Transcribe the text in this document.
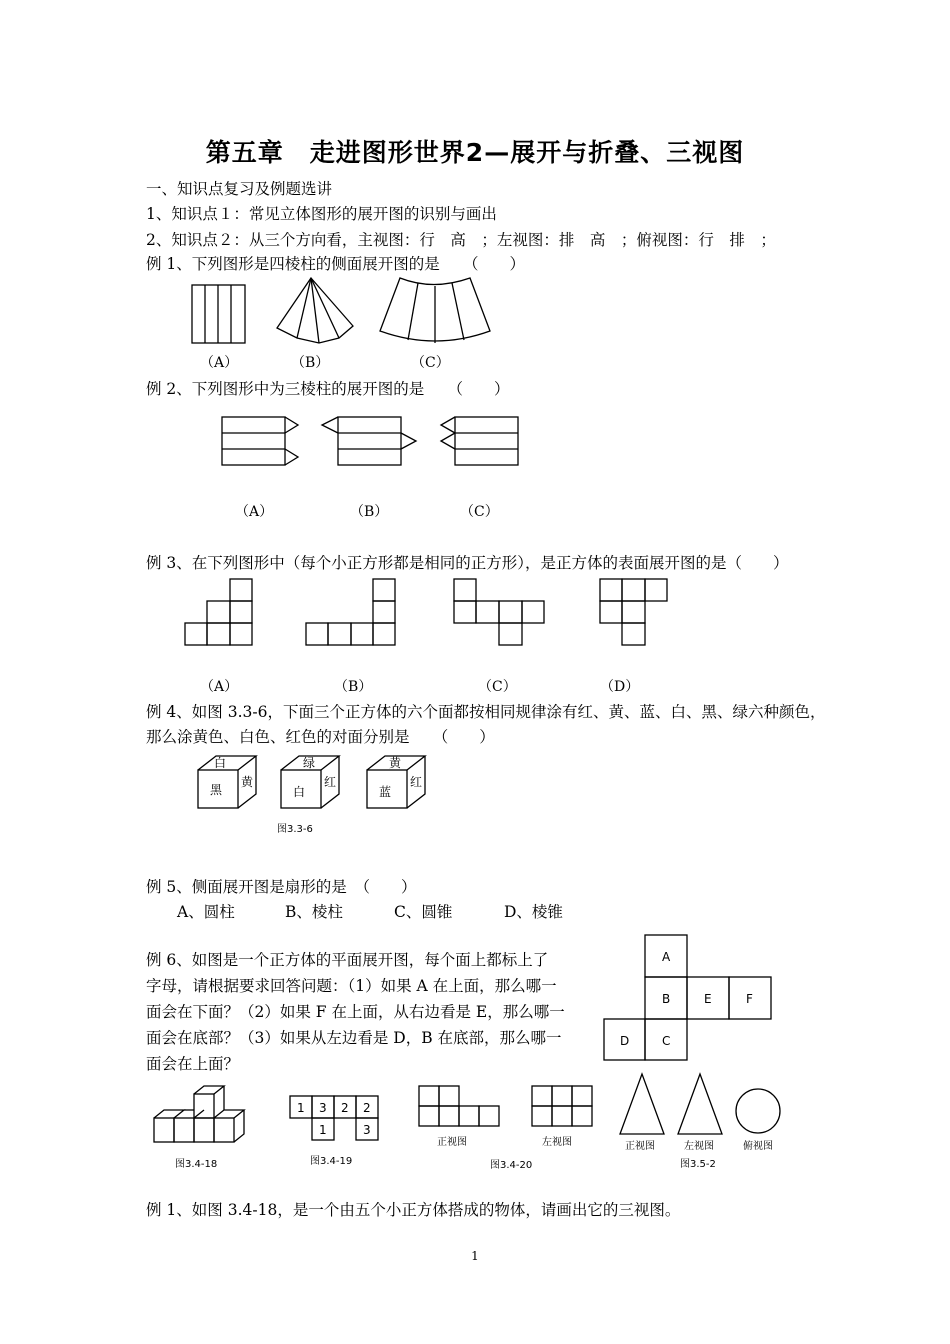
第五章　走进图形世界2—展开与折叠、三视图
一、知识点复习及例题选讲
1、知识点１：常见立体图形的展开图的识别与画出
2、知识点２：从三个方向看，主视图：行　高　；左视图：排　高　；俯视图：行　排　；
例 1、下列图形是四棱柱的侧面展开图的是　　（　　）
（A）	（B）	（C）
例 2、下列图形中为三棱柱的展开图的是　　（　　）
（A）	（B）	（C）
例 3、在下列图形中（每个小正方形都是相同的正方形），是正方体的表面展开图的是（　　）
（A）	（B）	（C）	（D）
例 4、如图 3.3-6，下面三个正方体的六个面都按相同规律涂有红、黄、蓝、白、黑、绿六种颜色，
那么涂黄色、白色、红色的对面分别是　　（　　）
白
黑
黄
绿
白
红
黄
蓝
红
图3.3-6
例 5、侧面展开图是扇形的是　（　　）
A、圆柱	B、棱柱	C、圆锥	D、棱锥
例 6、如图是一个正方体的平面展开图，每个面上都标上了
字母，请根据要求回答问题：（1）如果 A 在上面，那么哪一
面会在下面？（2）如果 F 在上面，从右边看是 E，那么哪一
面会在底部？（3）如果从左边看是 D，B 在底部，那么哪一
面会在上面？
A
B	E	F
D	C
图3.4-18
1 3 2 2
1	3
图3.4-19
正视图	左视图
图3.4-20
正视图	左视图	俯视图
图3.5-2
例 1、如图 3.4-18，是一个由五个小正方体搭成的物体，请画出它的三视图。
1
